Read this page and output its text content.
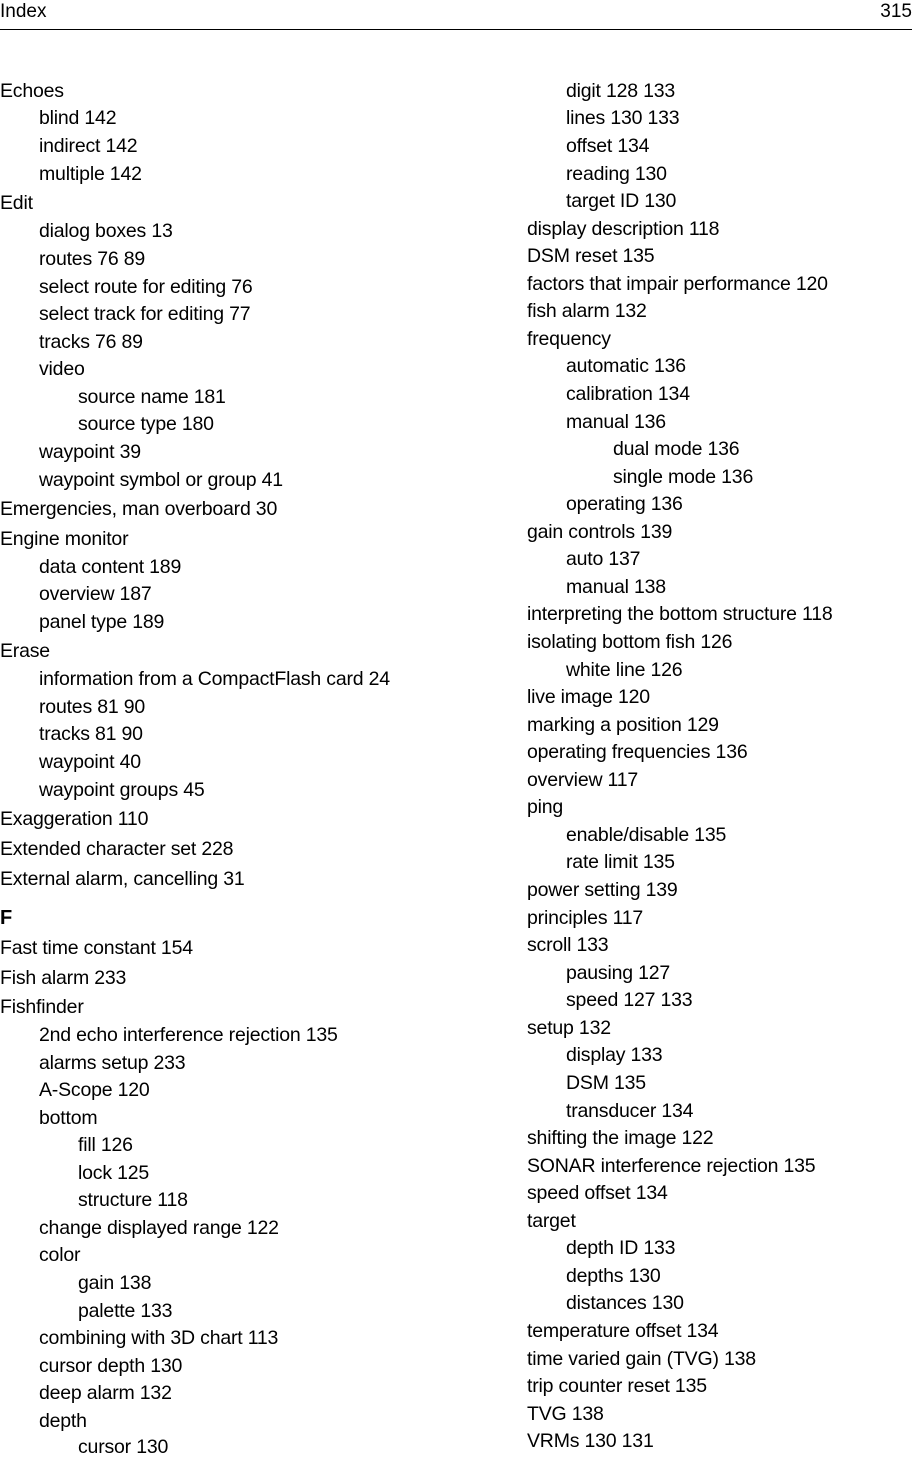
Index	315
Echoes
blind 142
indirect 142
multiple 142
Edit
dialog boxes 13
routes 76 89
select route for editing 76
select track for editing 77
tracks 76 89
video
source name 181
source type 180
waypoint 39
waypoint symbol or group 41
Emergencies, man overboard 30
Engine monitor
data content 189
overview 187
panel type 189
Erase
information from a CompactFlash card 24
routes 81 90
tracks 81 90
waypoint 40
waypoint groups 45
Exaggeration 110
Extended character set 228
External alarm, cancelling 31
F
Fast time constant 154
Fish alarm 233
Fishfinder
2nd echo interference rejection 135
alarms setup 233
A-Scope 120
bottom
fill 126
lock 125
structure 118
change displayed range 122
color
gain 138
palette 133
combining with 3D chart 113
cursor depth 130
deep alarm 132
depth
cursor 130
digit 128 133
lines 130 133
offset 134
reading 130
target ID 130
display description 118
DSM reset 135
factors that impair performance 120
fish alarm 132
frequency
automatic 136
calibration 134
manual 136
dual mode 136
single mode 136
operating 136
gain controls 139
auto 137
manual 138
interpreting the bottom structure 118
isolating bottom fish 126
white line 126
live image 120
marking a position 129
operating frequencies 136
overview 117
ping
enable/disable 135
rate limit 135
power setting 139
principles 117
scroll 133
pausing 127
speed 127 133
setup 132
display 133
DSM 135
transducer 134
shifting the image 122
SONAR interference rejection 135
speed offset 134
target
depth ID 133
depths 130
distances 130
temperature offset 134
time varied gain (TVG) 138
trip counter reset 135
TVG 138
VRMs 130 131
